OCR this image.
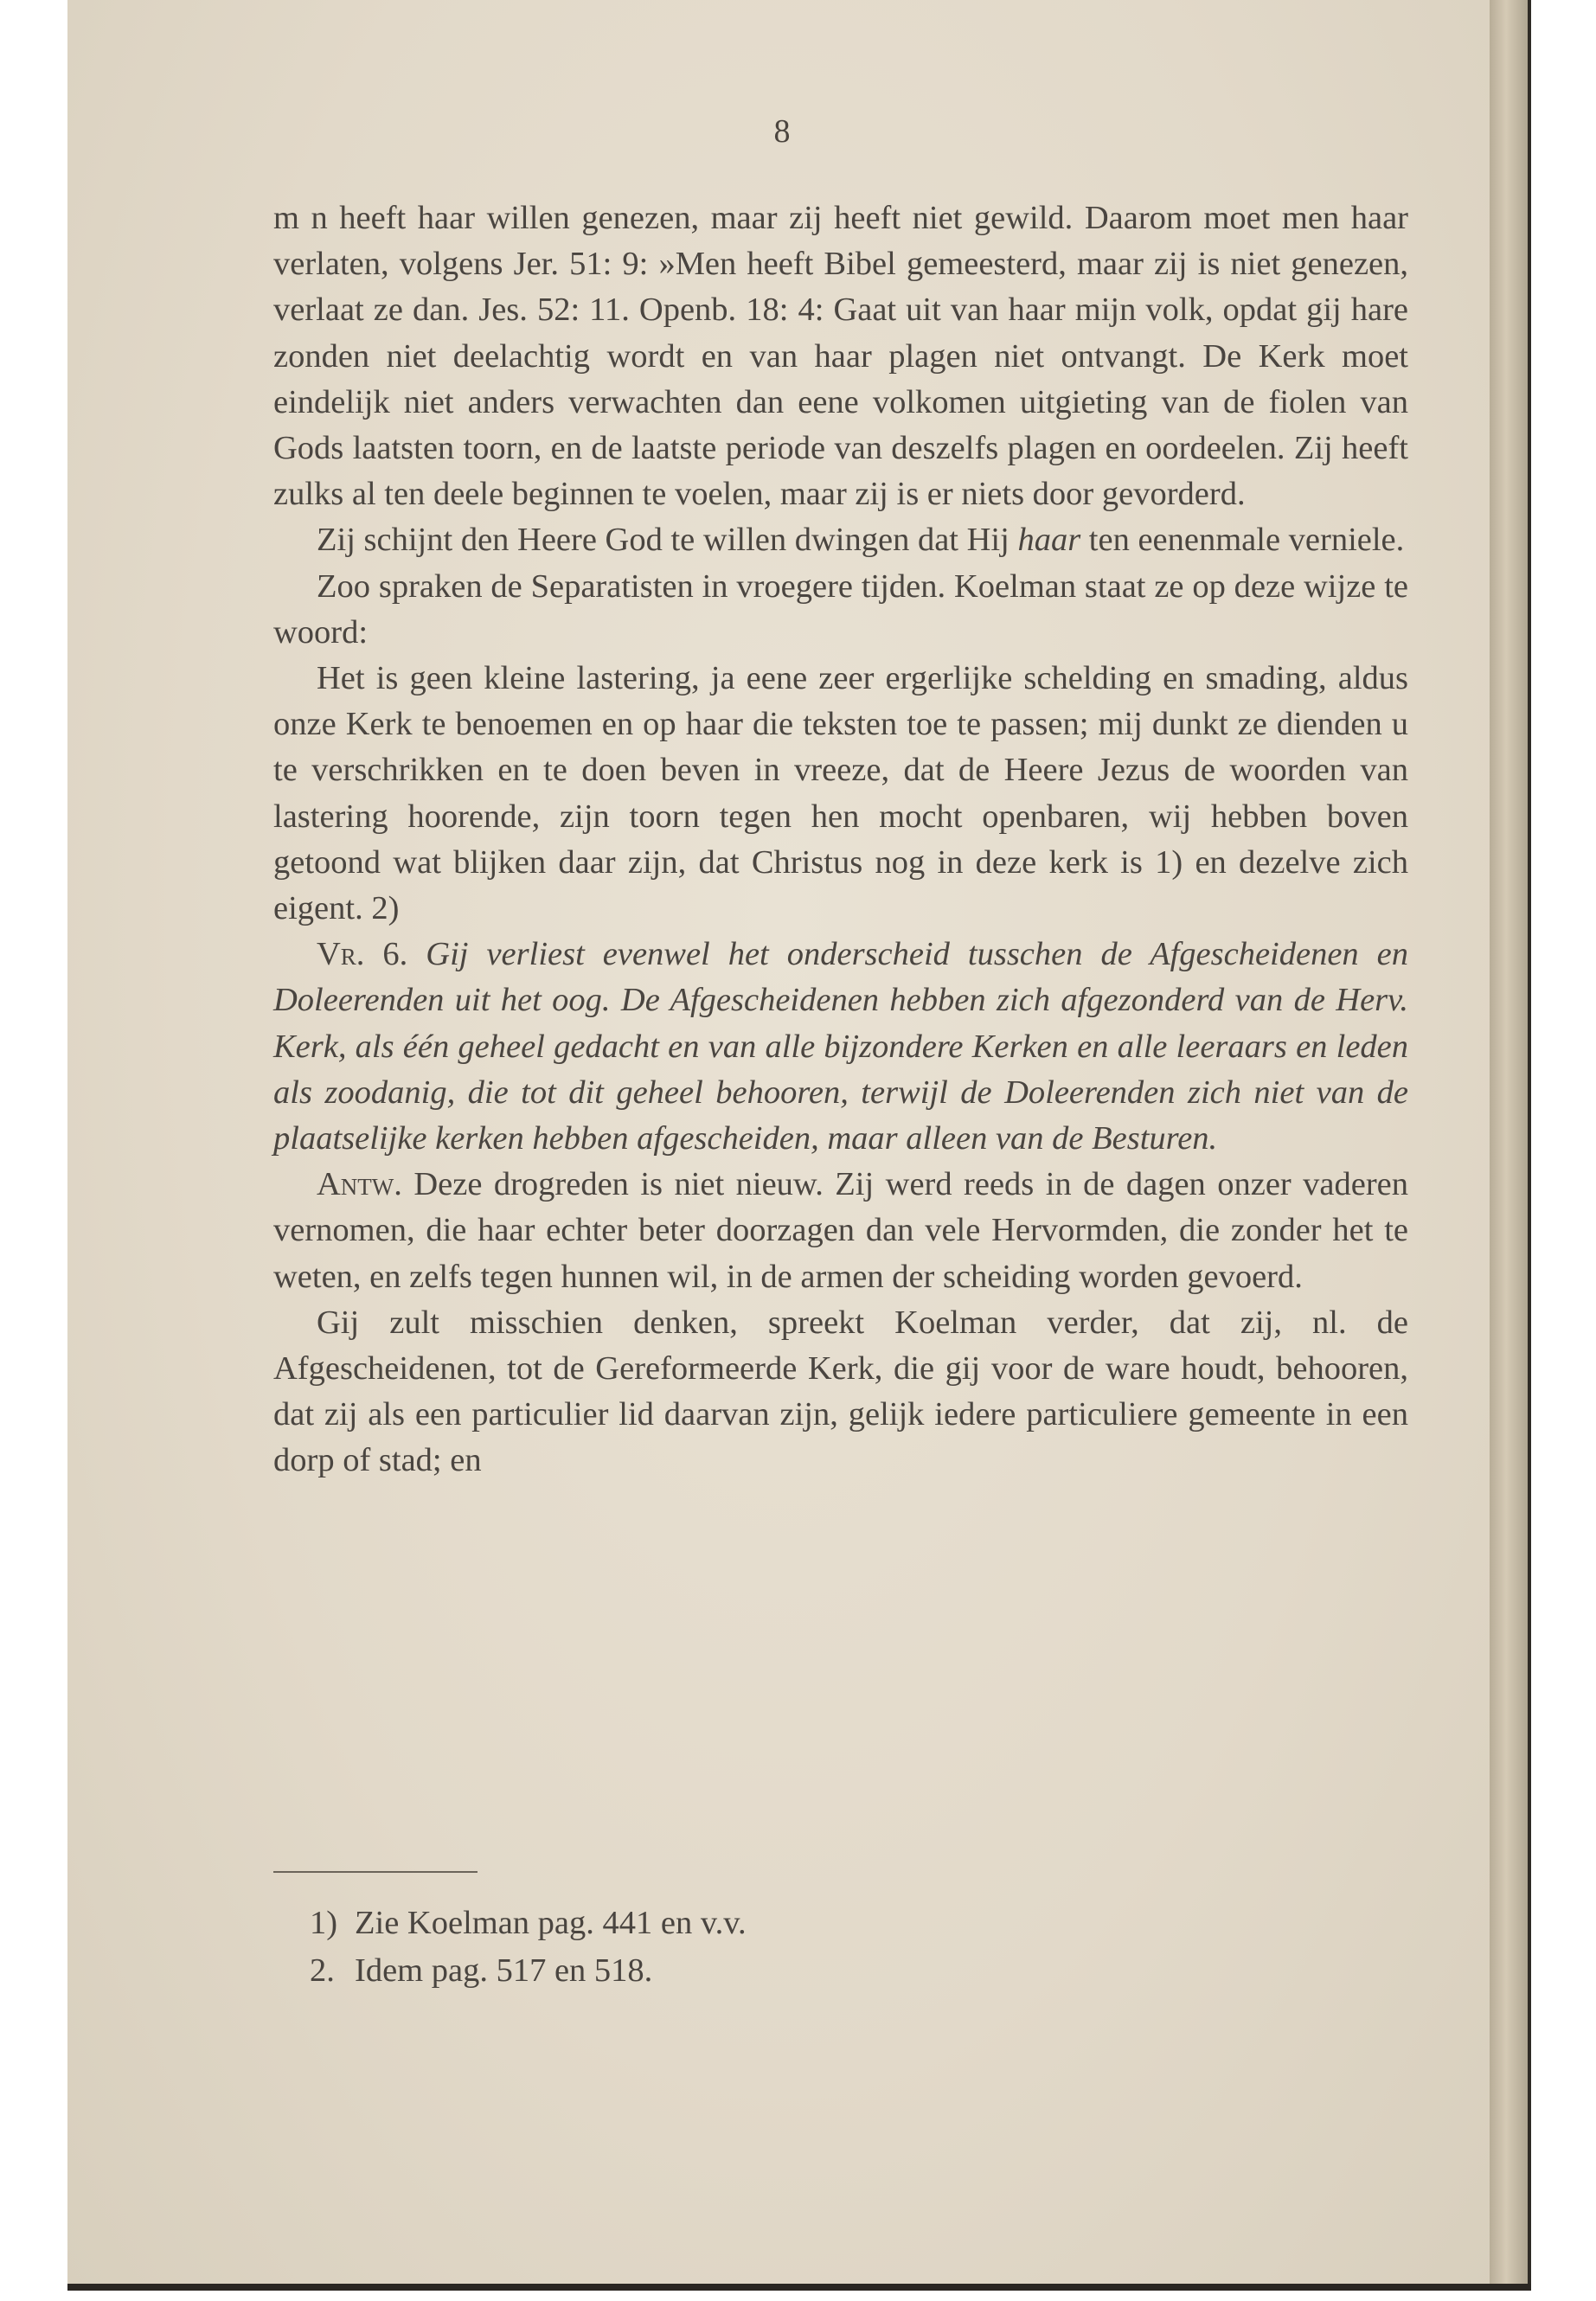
8

m n heeft haar willen genezen, maar zij heeft niet gewild. Daarom moet men haar verlaten, volgens Jer. 51: 9: »Men heeft Bibel gemeesterd, maar zij is niet genezen, verlaat ze dan. Jes. 52: 11. Openb. 18: 4: Gaat uit van haar mijn volk, opdat gij hare zonden niet deelachtig wordt en van haar plagen niet ontvangt. De Kerk moet eindelijk niet anders verwachten dan eene volkomen uitgieting van de fiolen van Gods laatsten toorn, en de laatste periode van deszelfs plagen en oordeelen. Zij heeft zulks al ten deele beginnen te voelen, maar zij is er niets door gevorderd.

Zij schijnt den Heere God te willen dwingen dat Hij haar ten eenenmale verniele.

Zoo spraken de Separatisten in vroegere tijden. Koelman staat ze op deze wijze te woord:

Het is geen kleine lastering, ja eene zeer ergerlijke schelding en smading, aldus onze Kerk te benoemen en op haar die teksten toe te passen; mij dunkt ze dienden u te verschrikken en te doen beven in vreeze, dat de Heere Jezus de woorden van lastering hoorende, zijn toorn tegen hen mocht openbaren, wij hebben boven getoond wat blijken daar zijn, dat Christus nog in deze kerk is 1) en dezelve zich eigent. 2)

Vr. 6. Gij verliest evenwel het onderscheid tusschen de Afgescheidenen en Doleerenden uit het oog. De Afgescheidenen hebben zich afgezonderd van de Herv. Kerk, als één geheel gedacht en van alle bijzondere Kerken en alle leeraars en leden als zoodanig, die tot dit geheel behooren, terwijl de Doleerenden zich niet van de plaatselijke kerken hebben afgescheiden, maar alleen van de Besturen.

Antw. Deze drogreden is niet nieuw. Zij werd reeds in de dagen onzer vaderen vernomen, die haar echter beter doorzagen dan vele Hervormden, die zonder het te weten, en zelfs tegen hunnen wil, in de armen der scheiding worden gevoerd.

Gij zult misschien denken, spreekt Koelman verder, dat zij, nl. de Afgescheidenen, tot de Gereformeerde Kerk, die gij voor de ware houdt, behooren, dat zij als een particulier lid daarvan zijn, gelijk iedere particuliere gemeente in een dorp of stad; en

1) Zie Koelman pag. 441 en v.v.
2. Idem pag. 517 en 518.
